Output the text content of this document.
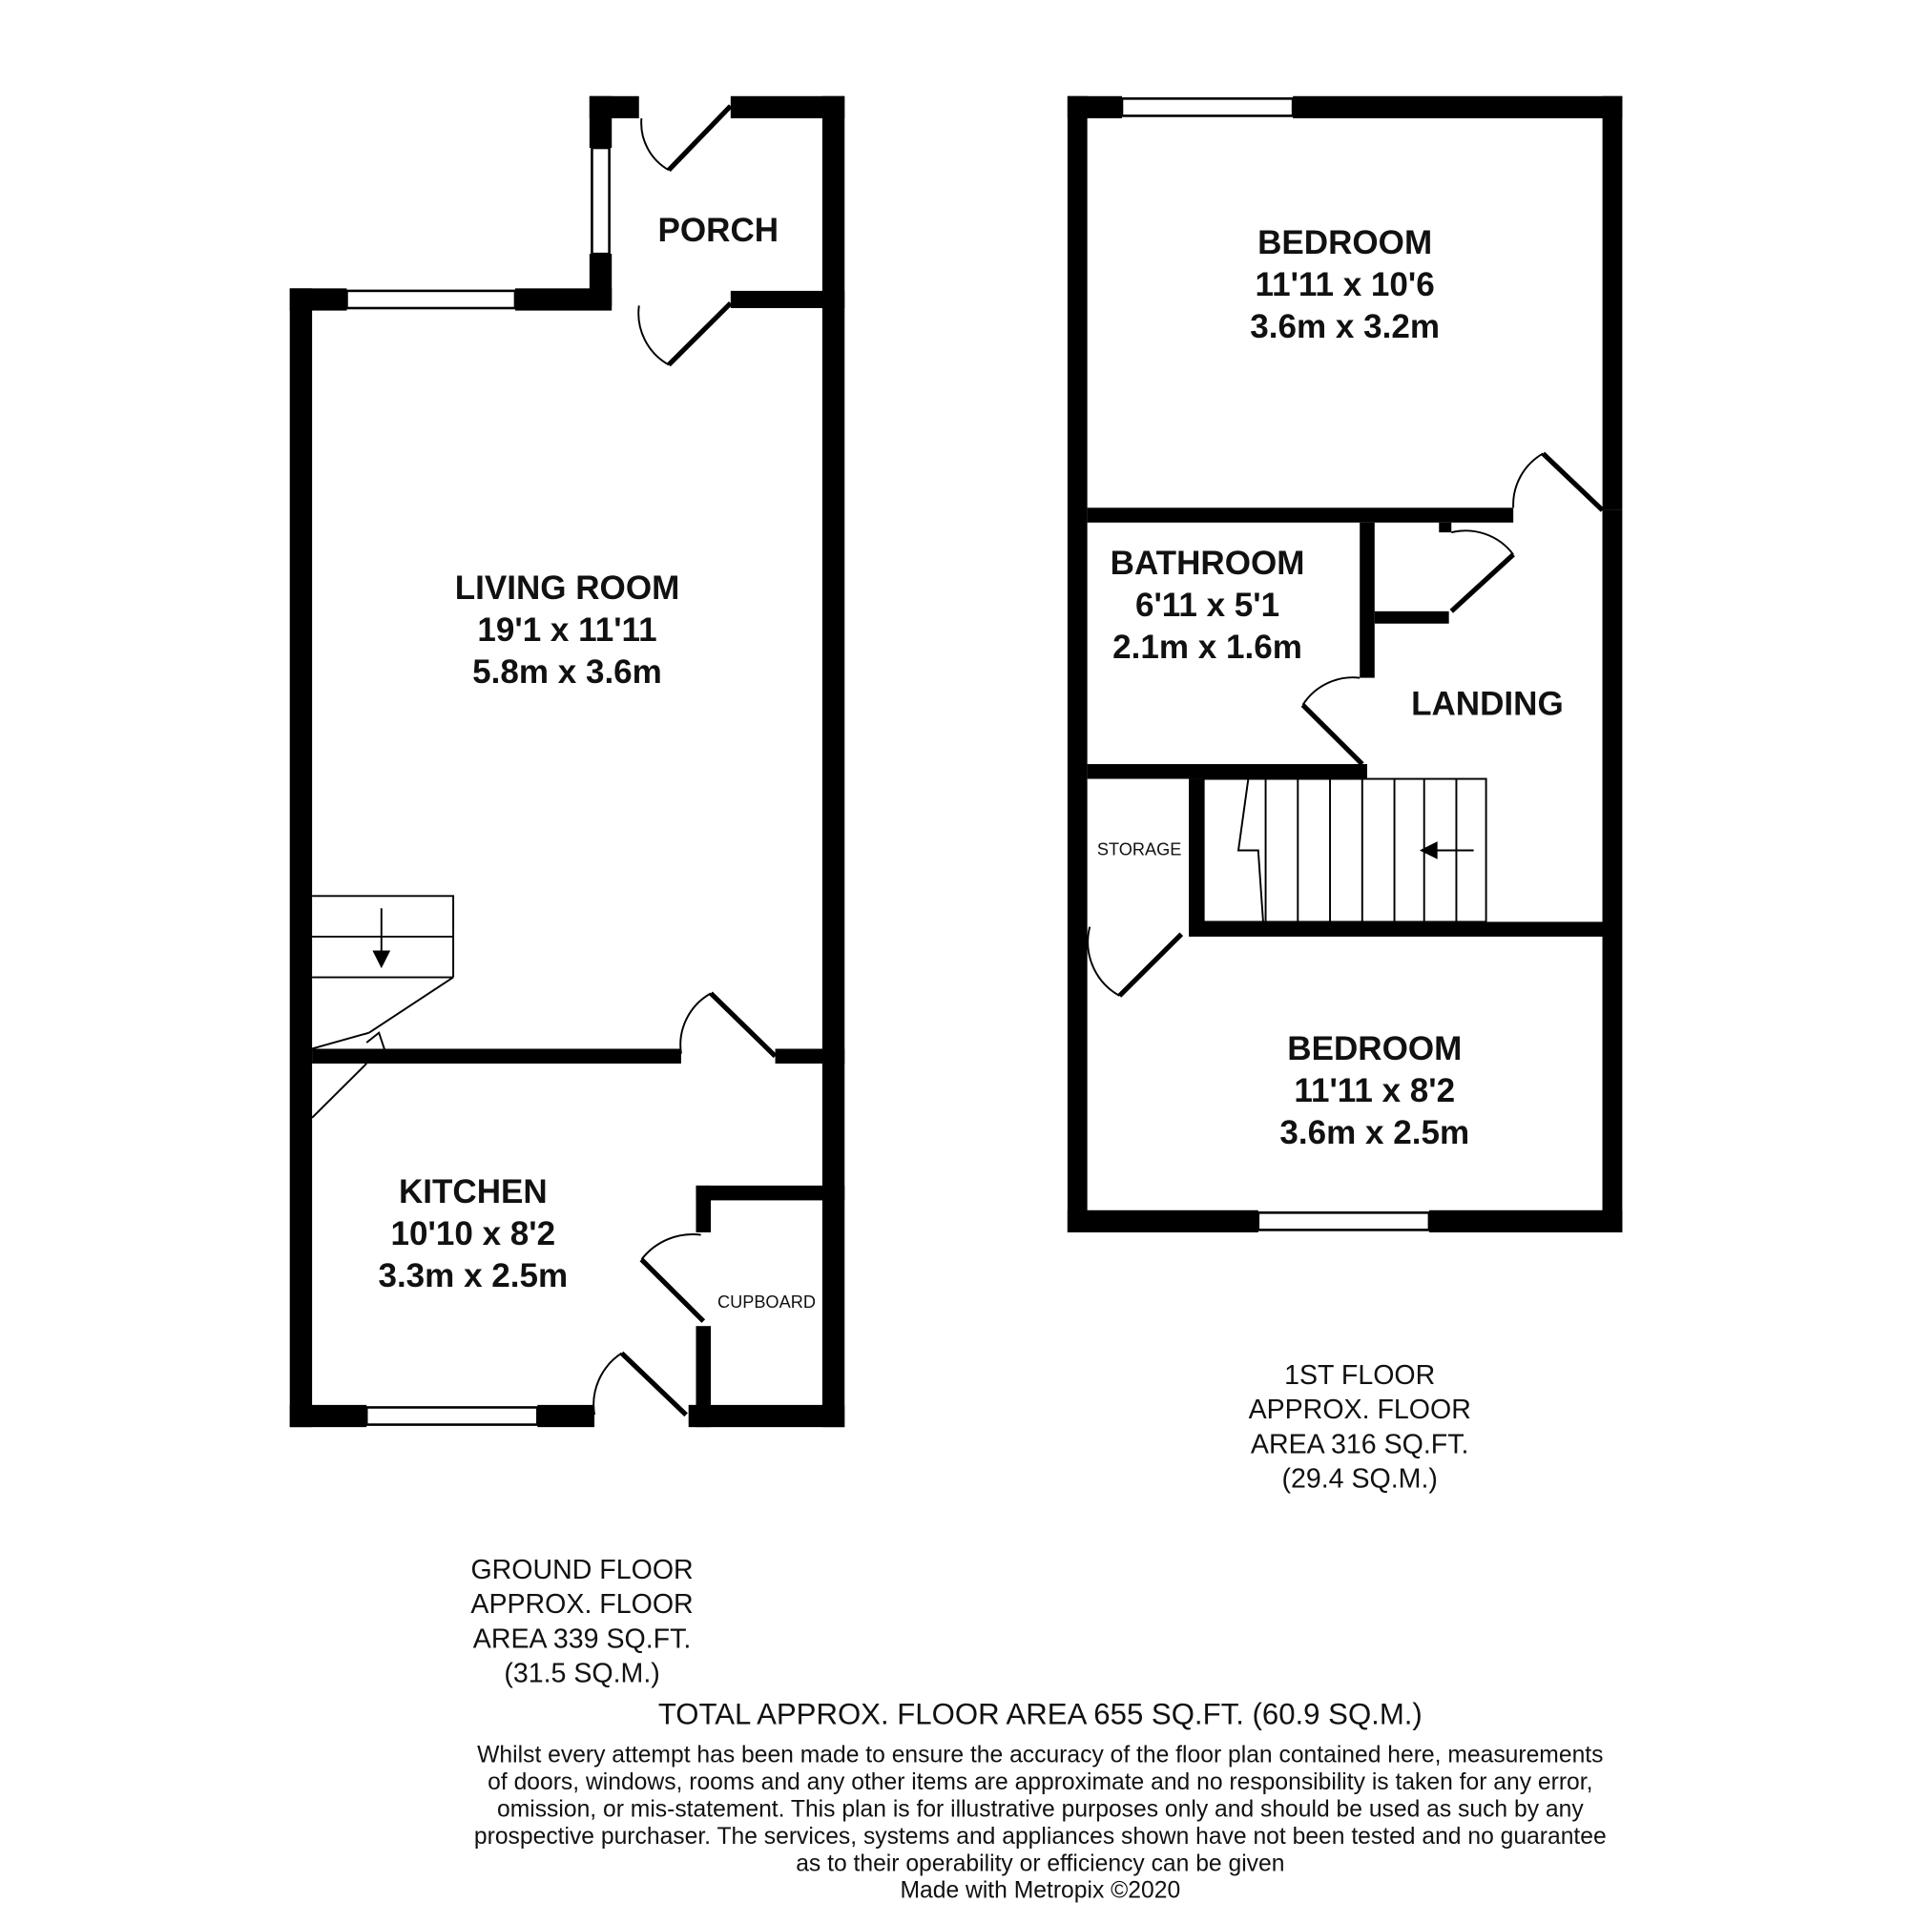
PORCH
LIVING ROOM
19'1 x 11'11
5.8m x 3.6m
KITCHEN
10'10 x 8'2
3.3m x 2.5m
CUPBOARD
BEDROOM
11'11 x 10'6
3.6m x 3.2m
BATHROOM
6'11 x 5'1
2.1m x 1.6m
LANDING
STORAGE
BEDROOM
11'11 x 8'2
3.6m x 2.5m
1ST FLOOR
APPROX. FLOOR
AREA 316 SQ.FT.
(29.4 SQ.M.)
GROUND FLOOR
APPROX. FLOOR
AREA 339 SQ.FT.
(31.5 SQ.M.)
TOTAL APPROX. FLOOR AREA 655 SQ.FT. (60.9 SQ.M.)
Whilst every attempt has been made to ensure the accuracy of the floor plan contained here, measurements
of doors, windows, rooms and any other items are approximate and no responsibility is taken for any error,
omission, or mis-statement. This plan is for illustrative purposes only and should be used as such by any
prospective purchaser. The services, systems and appliances shown have not been tested and no guarantee
as to their operability or efficiency can be given
Made with Metropix ©2020
